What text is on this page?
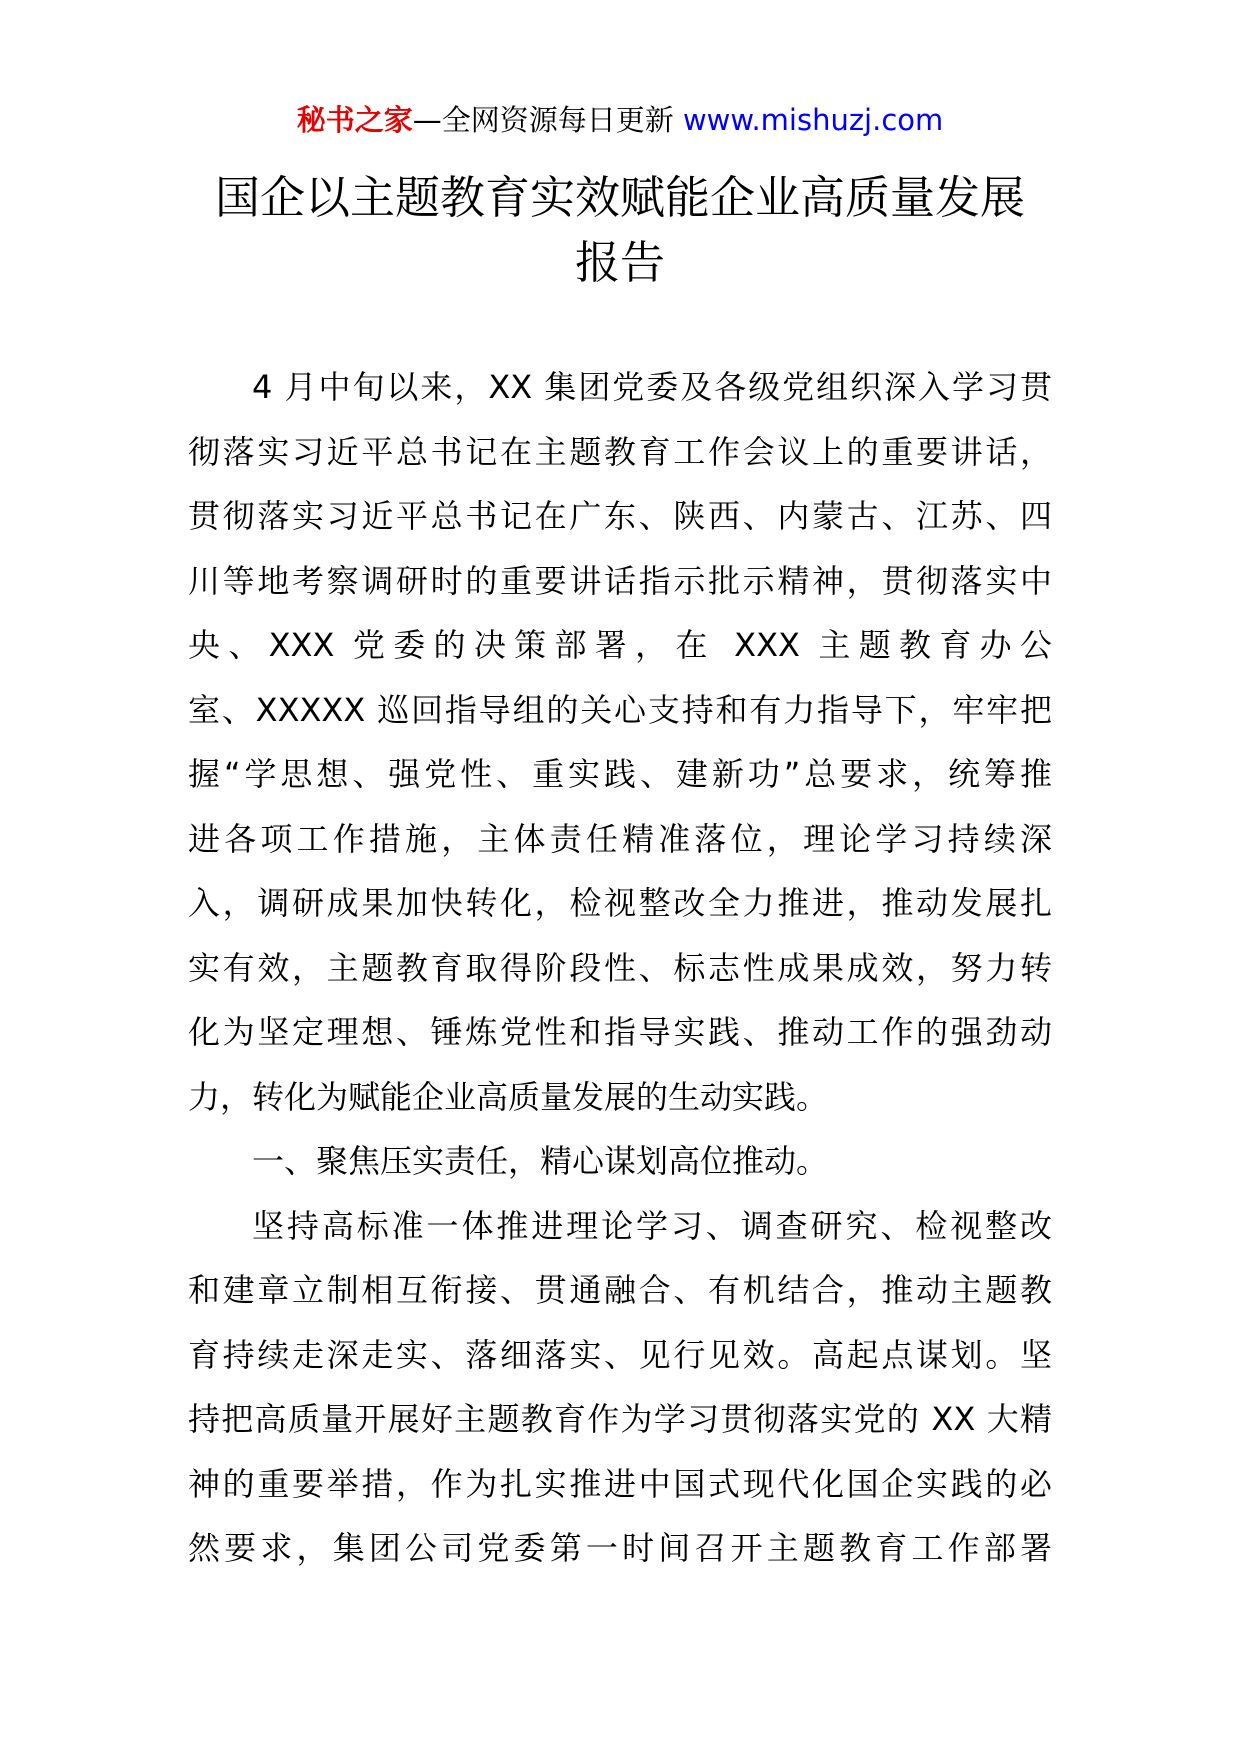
秘书之家—全网资源每日更新 www.mishuzj.com
国企以主题教育实效赋能企业高质量发展
报告
4 月中旬以来，XX 集团党委及各级党组织深入学习贯
彻落实习近平总书记在主题教育工作会议上的重要讲话，
贯彻落实习近平总书记在广东、陕西、内蒙古、江苏、四
川等地考察调研时的重要讲话指示批示精神，贯彻落实中
央、XXX 党委的决策部署，在 XXX 主题教育办公
室、XXXXX 巡回指导组的关心支持和有力指导下，牢牢把
握“学思想、强党性、重实践、建新功”总要求，统筹推
进各项工作措施，主体责任精准落位，理论学习持续深
入，调研成果加快转化，检视整改全力推进，推动发展扎
实有效，主题教育取得阶段性、标志性成果成效，努力转
化为坚定理想、锤炼党性和指导实践、推动工作的强劲动
力，转化为赋能企业高质量发展的生动实践。
一、聚焦压实责任，精心谋划高位推动。
坚持高标准一体推进理论学习、调查研究、检视整改
和建章立制相互衔接、贯通融合、有机结合，推动主题教
育持续走深走实、落细落实、见行见效。高起点谋划。坚
持把高质量开展好主题教育作为学习贯彻落实党的 XX 大精
神的重要举措，作为扎实推进中国式现代化国企实践的必
然要求，集团公司党委第一时间召开主题教育工作部署
